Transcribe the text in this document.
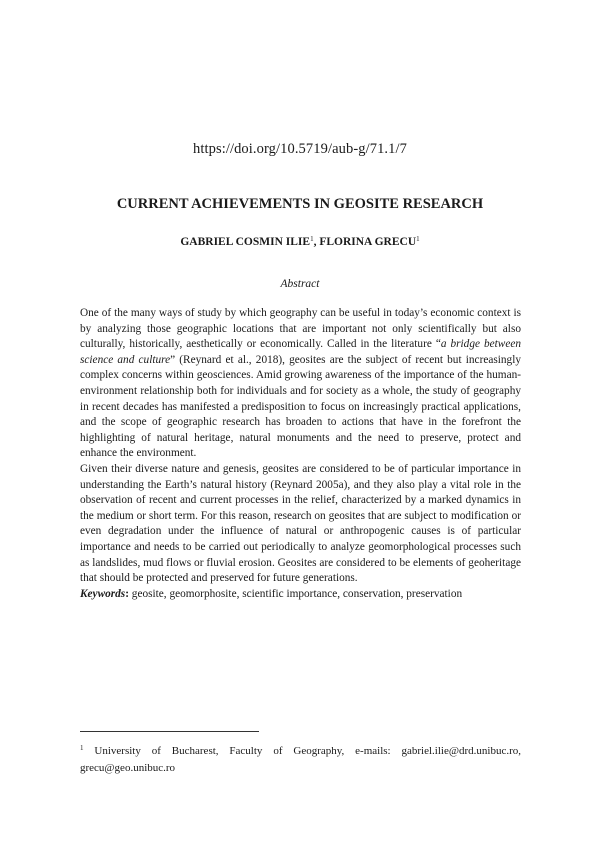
https://doi.org/10.5719/aub-g/71.1/7
CURRENT ACHIEVEMENTS IN GEOSITE RESEARCH
GABRIEL COSMIN ILIE$^1$, FLORINA GRECU$^1$
Abstract

One of the many ways of study by which geography can be useful in today’s economic context is by analyzing those geographic locations that are important not only scientifically but also culturally, historically, aesthetically or economically. Called in the literature “a bridge between science and culture” (Reynard et al., 2018), geosites are the subject of recent but increasingly complex concerns within geosciences. Amid growing awareness of the importance of the human-environment relationship both for individuals and for society as a whole, the study of geography in recent decades has manifested a predisposition to focus on increasingly practical applications, and the scope of geographic research has broaden to actions that have in the forefront the highlighting of natural heritage, natural monuments and the need to preserve, protect and enhance the environment.

Given their diverse nature and genesis, geosites are considered to be of particular importance in understanding the Earth’s natural history (Reynard 2005a), and they also play a vital role in the observation of recent and current processes in the relief, characterized by a marked dynamics in the medium or short term. For this reason, research on geosites that are subject to modification or even degradation under the influence of natural or anthropogenic causes is of particular importance and needs to be carried out periodically to analyze geomorphological processes such as landslides, mud flows or fluvial erosion. Geosites are considered to be elements of geoheritage that should be protected and preserved for future generations.

Keywords: geosite, geomorphosite, scientific importance, conservation, preservation

$^1$ University of Bucharest, Faculty of Geography, e-mails: gabriel.ilie@drd.unibuc.ro, grecu@geo.unibuc.ro
